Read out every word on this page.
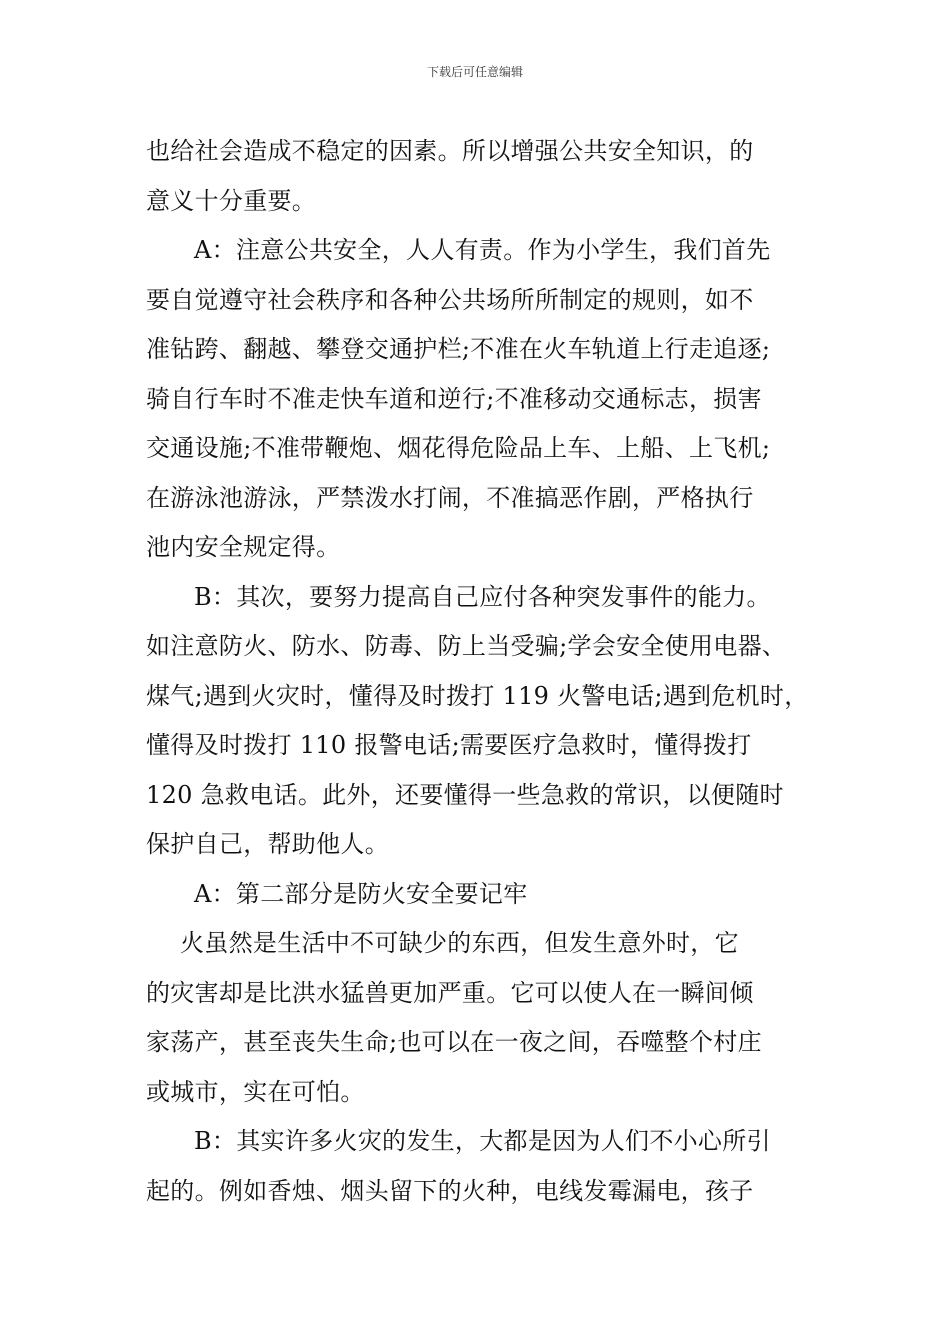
下载后可任意编辑

也给社会造成不稳定的因素。所以增强公共安全知识，的

意义十分重要。

A：注意公共安全，人人有责。作为小学生，我们首先

要自觉遵守社会秩序和各种公共场所所制定的规则，如不

准钻跨、翻越、攀登交通护栏;不准在火车轨道上行走追逐;

骑自行车时不准走快车道和逆行;不准移动交通标志，损害

交通设施;不准带鞭炮、烟花得危险品上车、上船、上飞机;

在游泳池游泳，严禁泼水打闹，不准搞恶作剧，严格执行

池内安全规定得。

B：其次，要努力提高自己应付各种突发事件的能力。

如注意防火、防水、防毒、防上当受骗;学会安全使用电器、

煤气;遇到火灾时，懂得及时拨打 119 火警电话;遇到危机时，

懂得及时拨打 110 报警电话;需要医疗急救时，懂得拨打

120 急救电话。此外，还要懂得一些急救的常识，以便随时

保护自己，帮助他人。

A：第二部分是防火安全要记牢

火虽然是生活中不可缺少的东西，但发生意外时，它

的灾害却是比洪水猛兽更加严重。它可以使人在一瞬间倾

家荡产，甚至丧失生命;也可以在一夜之间，吞噬整个村庄

或城市，实在可怕。

B：其实许多火灾的发生，大都是因为人们不小心所引

起的。例如香烛、烟头留下的火种，电线发霉漏电，孩子
